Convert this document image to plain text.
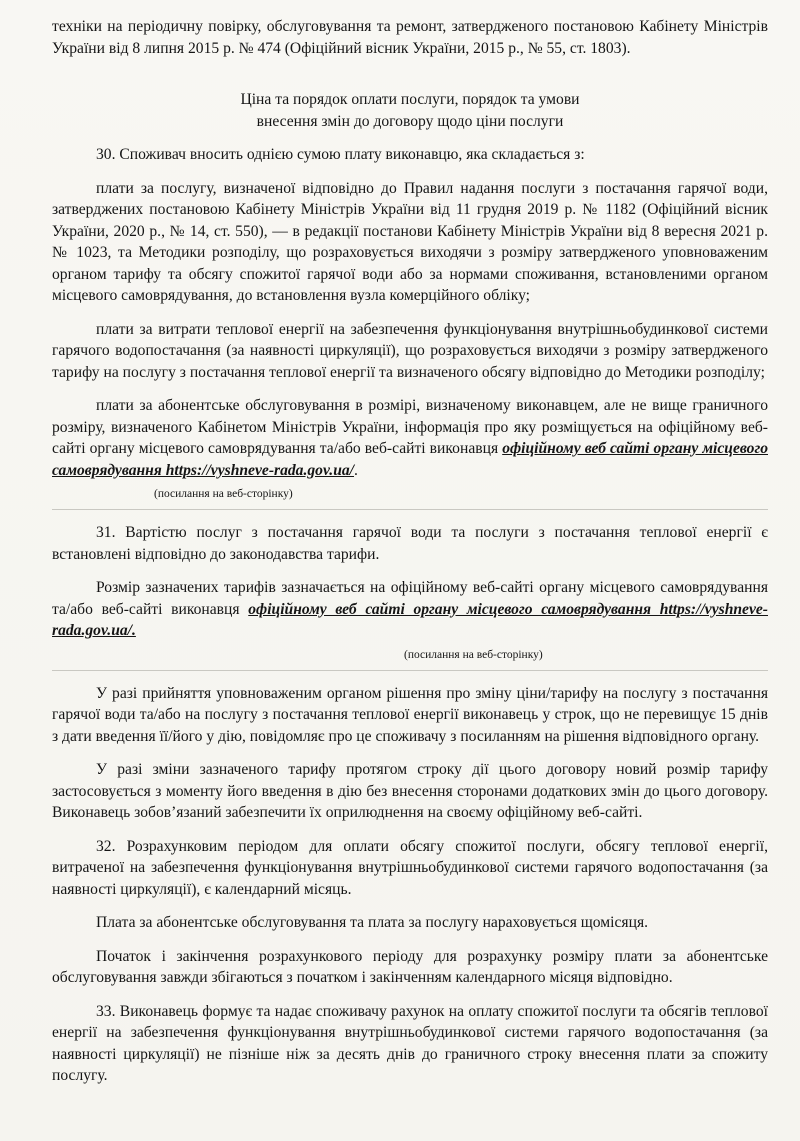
техніки на періодичну повірку, обслуговування та ремонт, затвердженого постановою Кабінету Міністрів України від 8 липня 2015 р. № 474 (Офіційний вісник України, 2015 р., № 55, ст. 1803).

Ціна та порядок оплати послуги, порядок та умови

внесення змін до договору щодо ціни послуги

30. Споживач вносить однією сумою плату виконавцю, яка складається з:

плати за послугу, визначеної відповідно до Правил надання послуги з постачання гарячої води, затверджених постановою Кабінету Міністрів України від 11 грудня 2019 р. № 1182 (Офіційний вісник України, 2020 р., № 14, ст. 550), — в редакції постанови Кабінету Міністрів України від 8 вересня 2021 р. № 1023, та Методики розподілу, що розраховується виходячи з розміру затвердженого уповноваженим органом тарифу та обсягу спожитої гарячої води або за нормами споживання, встановленими органом місцевого самоврядування, до встановлення вузла комерційного обліку;

плати за витрати теплової енергії на забезпечення функціонування внутрішньобудинкової системи гарячого водопостачання (за наявності циркуляції), що розраховується виходячи з розміру затвердженого тарифу на послугу з постачання теплової енергії та визначеного обсягу відповідно до Методики розподілу;

плати за абонентське обслуговування в розмірі, визначеному виконавцем, але не вище граничного розміру, визначеного Кабінетом Міністрів України, інформація про яку розміщується на офіційному веб-сайті органу місцевого самоврядування та/або веб-сайті виконавця офіційному веб сайті органу місцевого самоврядування https://vyshneve-rada.gov.ua/.

(посилання на веб-сторінку)

31. Вартістю послуг з постачання гарячої води та послуги з постачання теплової енергії є встановлені відповідно до законодавства тарифи.

Розмір зазначених тарифів зазначається на офіційному веб-сайті органу місцевого самоврядування та/або веб-сайті виконавця офіційному веб сайті органу місцевого самоврядування https://vyshneve-rada.gov.ua/.

(посилання на веб-сторінку)

У разі прийняття уповноваженим органом рішення про зміну ціни/тарифу на послугу з постачання гарячої води та/або на послугу з постачання теплової енергії виконавець у строк, що не перевищує 15 днів з дати введення її/його у дію, повідомляє про це споживачу з посиланням на рішення відповідного органу.

У разі зміни зазначеного тарифу протягом строку дії цього договору новий розмір тарифу застосовується з моменту його введення в дію без внесення сторонами додаткових змін до цього договору. Виконавець зобов’язаний забезпечити їх оприлюднення на своєму офіційному веб-сайті.

32. Розрахунковим періодом для оплати обсягу спожитої послуги, обсягу теплової енергії, витраченої на забезпечення функціонування внутрішньобудинкової системи гарячого водопостачання (за наявності циркуляції), є календарний місяць.

Плата за абонентське обслуговування та плата за послугу нараховується щомісяця.

Початок і закінчення розрахункового періоду для розрахунку розміру плати за абонентське обслуговування завжди збігаються з початком і закінченням календарного місяця відповідно.

33. Виконавець формує та надає споживачу рахунок на оплату спожитої послуги та обсягів теплової енергії на забезпечення функціонування внутрішньобудинкової системи гарячого водопостачання (за наявності циркуляції) не пізніше ніж за десять днів до граничного строку внесення плати за спожиту послугу.
